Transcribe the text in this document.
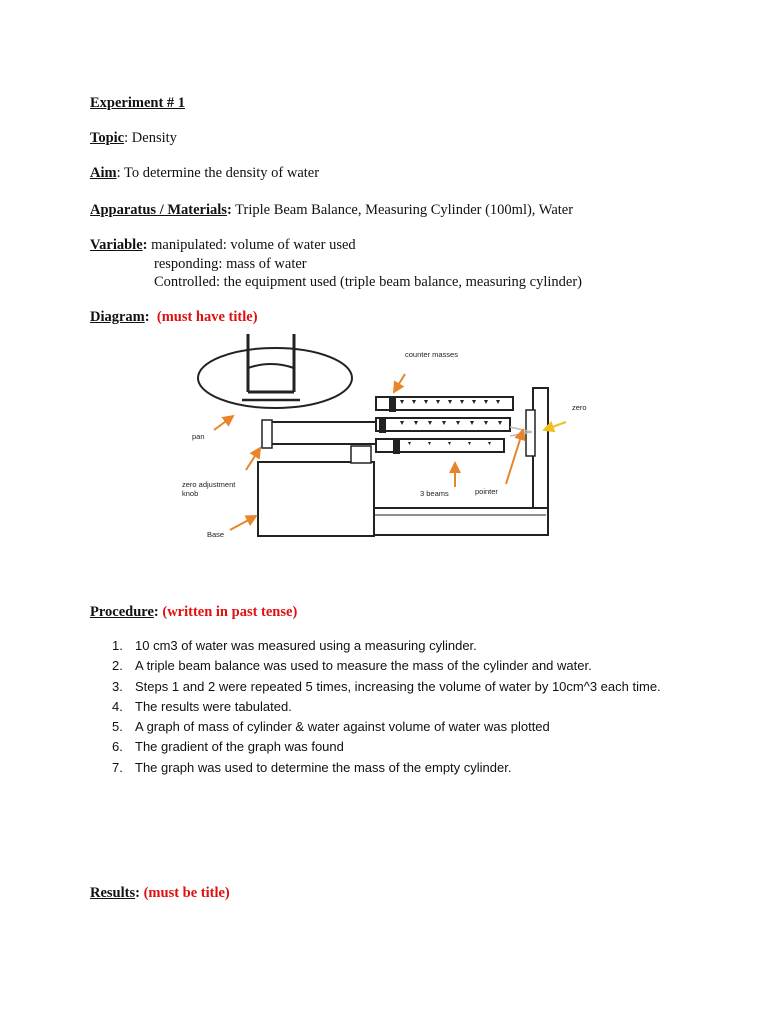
Experiment # 1
Topic: Density
Aim: To determine the density of water
Apparatus / Materials: Triple Beam Balance, Measuring Cylinder (100ml), Water
Variable: manipulated: volume of water used
responding: mass of water
Controlled: the equipment used (triple beam balance, measuring cylinder)
Diagram: (must have title)
counter masses
zero
pan
zero adjustment
knob	3 beams	pointer
Base
Procedure: (written in past tense)
1. 10 cm3 of water was measured using a measuring cylinder.
2. A triple beam balance was used to measure the mass of the cylinder and water.
3. Steps 1 and 2 were repeated 5 times, increasing the volume of water by 10cm^3 each time.
4. The results were tabulated.
5. A graph of mass of cylinder & water against volume of water was plotted
6. The gradient of the graph was found
7. The graph was used to determine the mass of the empty cylinder.
Results: (must be title)
